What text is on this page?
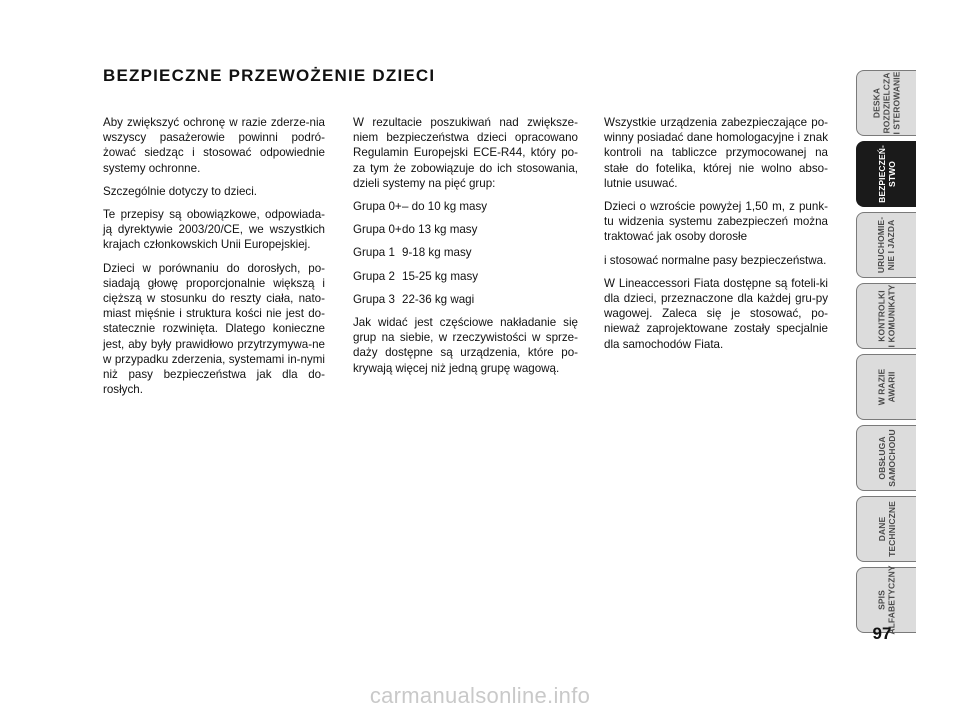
BEZPIECZNE PRZEWOŻENIE DZIECI

Aby zwiększyć ochronę w razie zderze-nia wszyscy pasażerowie powinni podró-żować siedząc i stosować odpowiednie systemy ochronne.

Szczególnie dotyczy to dzieci.

Te przepisy są obowiązkowe, odpowiada-ją dyrektywie 2003/20/CE, we wszystkich krajach członkowskich Unii Europejskiej.

Dzieci w porównaniu do dorosłych, po-siadają głowę proporcjonalnie większą i cięższą w stosunku do reszty ciała, nato-miast mięśnie i struktura kości nie jest do-statecznie rozwinięta. Dlatego konieczne jest, aby były prawidłowo przytrzymywa-ne w przypadku zderzenia, systemami in-nymi niż pasy bezpieczeństwa jak dla do-rosłych.

W rezultacie poszukiwań nad zwiększe-niem bezpieczeństwa dzieci opracowano Regulamin Europejski ECE-R44, który po-za tym że zobowiązuje do ich stosowania, dzieli systemy na pięć grup:

Grupa 0+ – do 10 kg masy
Grupa 0+ do 13 kg masy
Grupa 1 9-18 kg masy
Grupa 2 15-25 kg masy
Grupa 3 22-36 kg wagi

Jak widać jest częściowe nakładanie się grup na siebie, w rzeczywistości w sprze-daży dostępne są urządzenia, które po-krywają więcej niż jedną grupę wagową.

Wszystkie urządzenia zabezpieczające po-winny posiadać dane homologacyjne i znak kontroli na tabliczce przymocowanej na stałe do fotelika, której nie wolno abso-lutnie usuwać.

Dzieci o wzroście powyżej 1,50 m, z punk-tu widzenia systemu zabezpieczeń można traktować jak osoby dorosłe

i stosować normalne pasy bezpieczeństwa.

W Lineaccessori Fiata dostępne są foteli-ki dla dzieci, przeznaczone dla każdej gru-py wagowej. Zaleca się je stosować, po-nieważ zaprojektowane zostały specjalnie dla samochodów Fiata.

DESKA
ROZDZIELCZA
I STEROWANIE
BEZPIECZEŃ-
STWO
URUCHOMIE-
NIE I JAZDA
KONTROLKI
I KOMUNIKATY
W RAZIE
AWARII
OBSŁUGA
SAMOCHODU
DANE
TECHNICZNE
SPIS
ALFABETYCZNY
97
carmanualsonline.info
